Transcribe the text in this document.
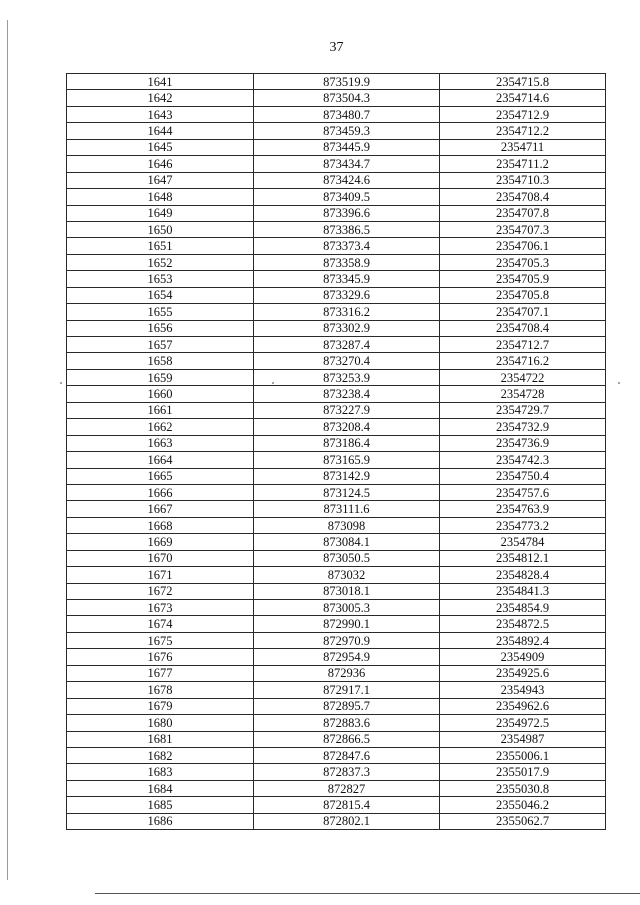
37
1641	873519.9	2354715.8
1642	873504.3	2354714.6
1643	873480.7	2354712.9
1644	873459.3	2354712.2
1645	873445.9	2354711
1646	873434.7	2354711.2
1647	873424.6	2354710.3
1648	873409.5	2354708.4
1649	873396.6	2354707.8
1650	873386.5	2354707.3
1651	873373.4	2354706.1
1652	873358.9	2354705.3
1653	873345.9	2354705.9
1654	873329.6	2354705.8
1655	873316.2	2354707.1
1656	873302.9	2354708.4
1657	873287.4	2354712.7
1658	873270.4	2354716.2
1659	873253.9	2354722
1660	873238.4	2354728
1661	873227.9	2354729.7
1662	873208.4	2354732.9
1663	873186.4	2354736.9
1664	873165.9	2354742.3
1665	873142.9	2354750.4
1666	873124.5	2354757.6
1667	873111.6	2354763.9
1668	873098	2354773.2
1669	873084.1	2354784
1670	873050.5	2354812.1
1671	873032	2354828.4
1672	873018.1	2354841.3
1673	873005.3	2354854.9
1674	872990.1	2354872.5
1675	872970.9	2354892.4
1676	872954.9	2354909
1677	872936	2354925.6
1678	872917.1	2354943
1679	872895.7	2354962.6
1680	872883.6	2354972.5
1681	872866.5	2354987
1682	872847.6	2355006.1
1683	872837.3	2355017.9
1684	872827	2355030.8
1685	872815.4	2355046.2
1686	872802.1	2355062.7
